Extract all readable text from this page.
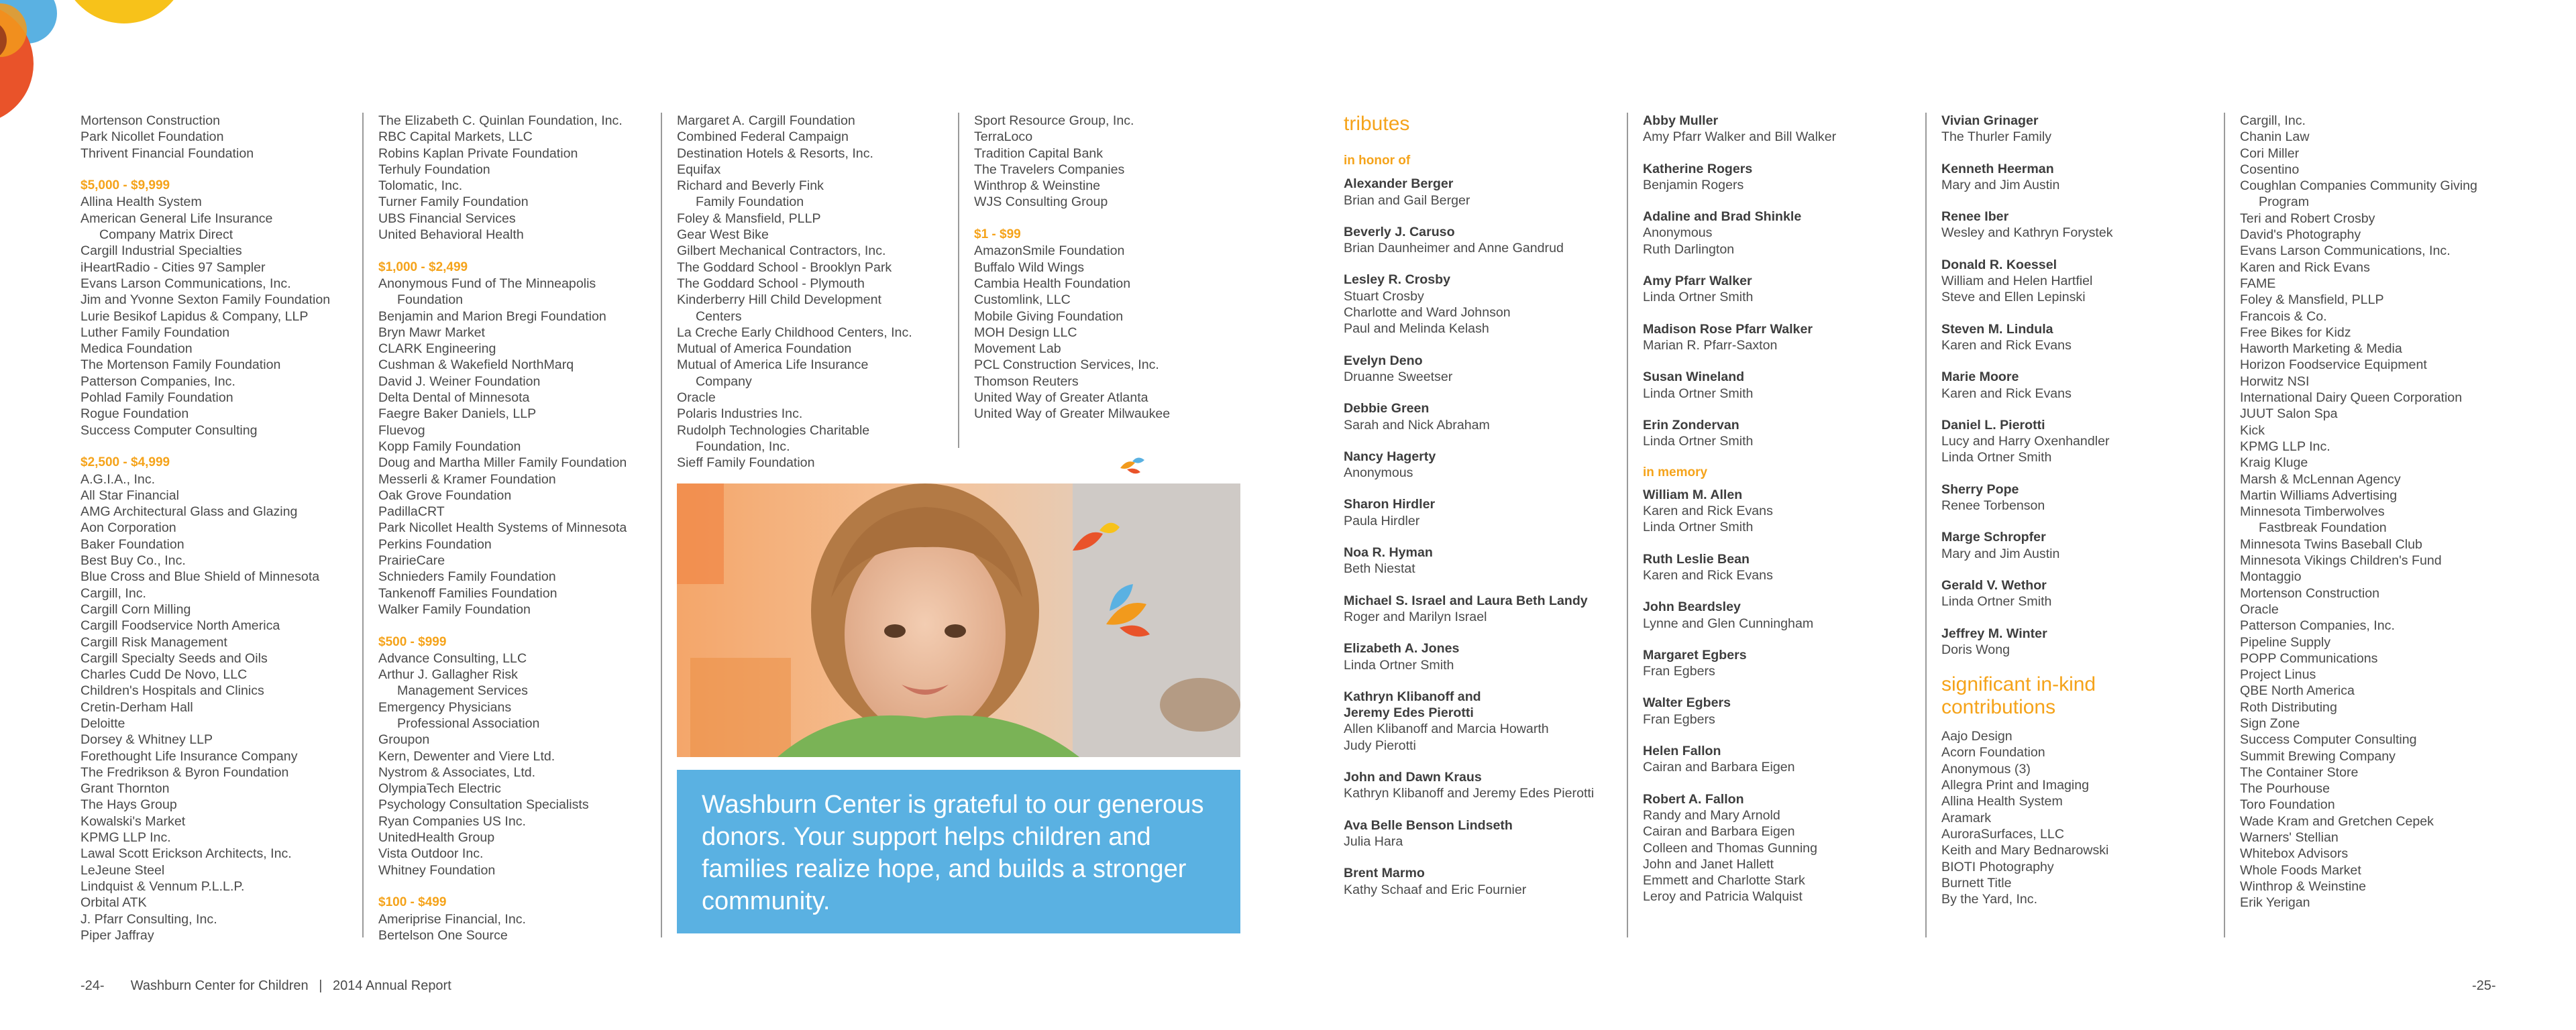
Mortenson Construction
Park Nicollet Foundation
Thrivent Financial Foundation
$5,000 - $9,999
Allina Health System
American General Life Insurance
Company Matrix Direct
Cargill Industrial Specialties
iHeartRadio - Cities 97 Sampler
Evans Larson Communications, Inc.
Jim and Yvonne Sexton Family Foundation
Lurie Besikof Lapidus & Company, LLP
Luther Family Foundation
Medica Foundation
The Mortenson Family Foundation
Patterson Companies, Inc.
Pohlad Family Foundation
Rogue Foundation
Success Computer Consulting
$2,500 - $4,999
A.G.I.A., Inc.
All Star Financial
AMG Architectural Glass and Glazing
Aon Corporation
Baker Foundation
Best Buy Co., Inc.
Blue Cross and Blue Shield of Minnesota
Cargill, Inc.
Cargill Corn Milling
Cargill Foodservice North America
Cargill Risk Management
Cargill Specialty Seeds and Oils
Charles Cudd De Novo, LLC
Children's Hospitals and Clinics
Cretin-Derham Hall
Deloitte
Dorsey & Whitney LLP
Forethought Life Insurance Company
The Fredrikson & Byron Foundation
Grant Thornton
The Hays Group
Kowalski's Market
KPMG LLP Inc.
Lawal Scott Erickson Architects, Inc.
LeJeune Steel
Lindquist & Vennum P.L.L.P.
Orbital ATK
J. Pfarr Consulting, Inc.
Piper Jaffray
The Elizabeth C. Quinlan Foundation, Inc.
RBC Capital Markets, LLC
Robins Kaplan Private Foundation
Terhuly Foundation
Tolomatic, Inc.
Turner Family Foundation
UBS Financial Services
United Behavioral Health
$1,000 - $2,499
Anonymous Fund of The Minneapolis
Foundation
Benjamin and Marion Bregi Foundation
Bryn Mawr Market
CLARK Engineering
Cushman & Wakefield NorthMarq
David J. Weiner Foundation
Delta Dental of Minnesota
Faegre Baker Daniels, LLP
Fluevog
Kopp Family Foundation
Doug and Martha Miller Family Foundation
Messerli & Kramer Foundation
Oak Grove Foundation
PadillaCRT
Park Nicollet Health Systems of Minnesota
Perkins Foundation
PrairieCare
Schnieders Family Foundation
Tankenoff Families Foundation
Walker Family Foundation
$500 - $999
Advance Consulting, LLC
Arthur J. Gallagher Risk
Management Services
Emergency Physicians
Professional Association
Groupon
Kern, Dewenter and Viere Ltd.
Nystrom & Associates, Ltd.
OlympiaTech Electric
Psychology Consultation Specialists
Ryan Companies US Inc.
UnitedHealth Group
Vista Outdoor Inc.
Whitney Foundation
$100 - $499
Ameriprise Financial, Inc.
Bertelson One Source
Margaret A. Cargill Foundation
Combined Federal Campaign
Destination Hotels & Resorts, Inc.
Equifax
Richard and Beverly Fink
Family Foundation
Foley & Mansfield, PLLP
Gear West Bike
Gilbert Mechanical Contractors, Inc.
The Goddard School - Brooklyn Park
The Goddard School - Plymouth
Kinderberry Hill Child Development
Centers
La Creche Early Childhood Centers, Inc.
Mutual of America Foundation
Mutual of America Life Insurance
Company
Oracle
Polaris Industries Inc.
Rudolph Technologies Charitable
Foundation, Inc.
Sieff Family Foundation
Sport Resource Group, Inc.
TerraLoco
Tradition Capital Bank
The Travelers Companies
Winthrop & Weinstine
WJS Consulting Group
$1 - $99
AmazonSmile Foundation
Buffalo Wild Wings
Cambia Health Foundation
Customlink, LLC
Mobile Giving Foundation
MOH Design LLC
Movement Lab
PCL Construction Services, Inc.
Thomson Reuters
United Way of Greater Atlanta
United Way of Greater Milwaukee
Washburn Center is grateful to our generous donors. Your support helps children and families realize hope, and builds a stronger community.
tributes
in honor of
Alexander Berger
Brian and Gail Berger
Beverly J. Caruso
Brian Daunheimer and Anne Gandrud
Lesley R. Crosby
Stuart Crosby
Charlotte and Ward Johnson
Paul and Melinda Kelash
Evelyn Deno
Druanne Sweetser
Debbie Green
Sarah and Nick Abraham
Nancy Hagerty
Anonymous
Sharon Hirdler
Paula Hirdler
Noa R. Hyman
Beth Niestat
Michael S. Israel and Laura Beth Landy
Roger and Marilyn Israel
Elizabeth A. Jones
Linda Ortner Smith
Kathryn Klibanoff and
Jeremy Edes Pierotti
Allen Klibanoff and Marcia Howarth
Judy Pierotti
John and Dawn Kraus
Kathryn Klibanoff and Jeremy Edes Pierotti
Ava Belle Benson Lindseth
Julia Hara
Brent Marmo
Kathy Schaaf and Eric Fournier
Abby Muller
Amy Pfarr Walker and Bill Walker
Katherine Rogers
Benjamin Rogers
Adaline and Brad Shinkle
Anonymous
Ruth Darlington
Amy Pfarr Walker
Linda Ortner Smith
Madison Rose Pfarr Walker
Marian R. Pfarr-Saxton
Susan Wineland
Linda Ortner Smith
Erin Zondervan
Linda Ortner Smith
in memory
William M. Allen
Karen and Rick Evans
Linda Ortner Smith
Ruth Leslie Bean
Karen and Rick Evans
John Beardsley
Lynne and Glen Cunningham
Margaret Egbers
Fran Egbers
Walter Egbers
Fran Egbers
Helen Fallon
Cairan and Barbara Eigen
Robert A. Fallon
Randy and Mary Arnold
Cairan and Barbara Eigen
Colleen and Thomas Gunning
John and Janet Hallett
Emmett and Charlotte Stark
Leroy and Patricia Walquist
Vivian Grinager
The Thurler Family
Kenneth Heerman
Mary and Jim Austin
Renee Iber
Wesley and Kathryn Forystek
Donald R. Koessel
William and Helen Hartfiel
Steve and Ellen Lepinski
Steven M. Lindula
Karen and Rick Evans
Marie Moore
Karen and Rick Evans
Daniel L. Pierotti
Lucy and Harry Oxenhandler
Linda Ortner Smith
Sherry Pope
Renee Torbenson
Marge Schropfer
Mary and Jim Austin
Gerald V. Wethor
Linda Ortner Smith
Jeffrey M. Winter
Doris Wong
significant in-kind
contributions
Aajo Design
Acorn Foundation
Anonymous (3)
Allegra Print and Imaging
Allina Health System
Aramark
AuroraSurfaces, LLC
Keith and Mary Bednarowski
BIOTI Photography
Burnett Title
By the Yard, Inc.
Cargill, Inc.
Chanin Law
Cori Miller
Cosentino
Coughlan Companies Community Giving
Program
Teri and Robert Crosby
David's Photography
Evans Larson Communications, Inc.
Karen and Rick Evans
FAME
Foley & Mansfield, PLLP
Francois & Co.
Free Bikes for Kidz
Haworth Marketing & Media
Horizon Foodservice Equipment
Horwitz NSI
International Dairy Queen Corporation
JUUT Salon Spa
Kick
KPMG LLP Inc.
Kraig Kluge
Marsh & McLennan Agency
Martin Williams Advertising
Minnesota Timberwolves
Fastbreak Foundation
Minnesota Twins Baseball Club
Minnesota Vikings Children's Fund
Montaggio
Mortenson Construction
Oracle
Patterson Companies, Inc.
Pipeline Supply
POPP Communications
Project Linus
QBE North America
Roth Distributing
Sign Zone
Success Computer Consulting
Summit Brewing Company
The Container Store
The Pourhouse
Toro Foundation
Wade Kram and Gretchen Cepek
Warners' Stellian
Whitebox Advisors
Whole Foods Market
Winthrop & Weinstine
Erik Yerigan
-24- Washburn Center for Children | 2014 Annual Report	-25-
